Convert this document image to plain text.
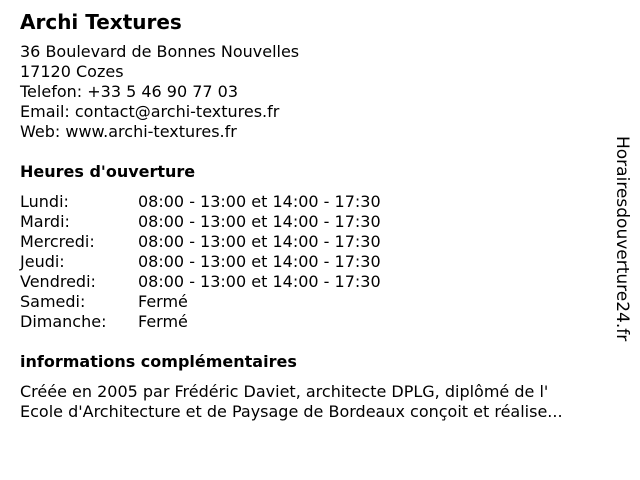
Archi Textures
36 Boulevard de Bonnes Nouvelles
17120 Cozes
Telefon: +33 5 46 90 77 03
Email: contact@archi-textures.fr
Web: www.archi-textures.fr
Heures d'ouverture
Lundi:	08:00 - 13:00 et 14:00 - 17:30
Mardi:	08:00 - 13:00 et 14:00 - 17:30
Mercredi:	08:00 - 13:00 et 14:00 - 17:30
Jeudi:	08:00 - 13:00 et 14:00 - 17:30
Vendredi:	08:00 - 13:00 et 14:00 - 17:30
Samedi:	Fermé
Dimanche:	Fermé
informations complémentaires
Créée en 2005 par Frédéric Daviet, architecte DPLG, diplômé de l'
Ecole d'Architecture et de Paysage de Bordeaux conçoit et réalise...
Horairesdouverture24.fr
